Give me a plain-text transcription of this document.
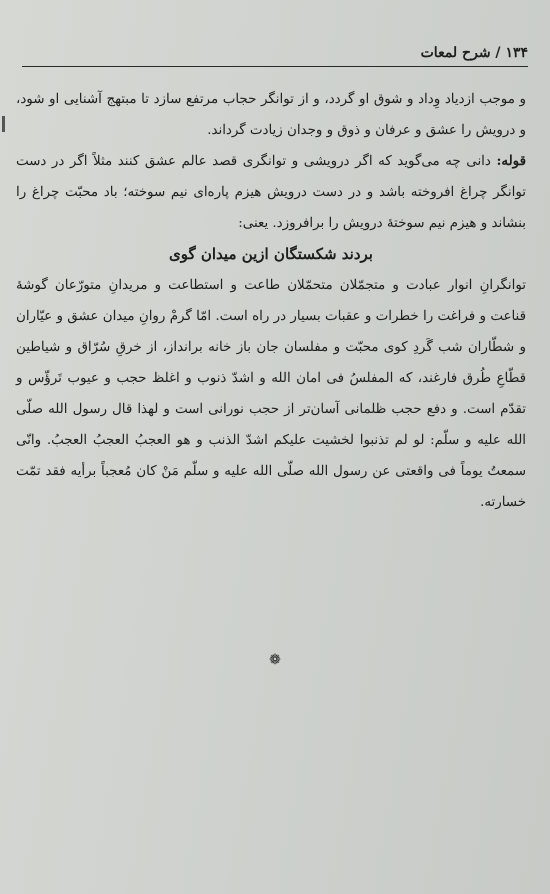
۱۳۴
/
شرح لمعات

و موجب ازدیاد وِداد و شوق او گردد، و از توانگر حجاب مرتفع سازد تا مبتهج آشنایی او شود، و درویش را عشق و عرفان و ذوق و وجدان زیادت گرداند.

قوله: دانی چه می‌گوید که اگر درویشی و توانگری قصد عالم عشق کنند مثلاً اگر در دست توانگر چراغ افروخته باشد و در دست درویش هیزم پاره‌ای نیم سوخته؛ باد محبّت چراغ را بنشاند و هیزم نیم سوختهٔ درویش را برافروزد. یعنی:

بردند شکستگان ازین میدان گوی

توانگرانِ انوار عبادت و متجمّلان متحمّلان طاعت و استطاعت و مریدانِ متورّعان گوشهٔ قناعت و فراغت را خطرات و عقبات بسیار در راه است. امّا گرمْ روانِ میدان عشق و عیّاران و شطّاران شب گَردِ کوی محبّت و مفلسان جان باز خانه برانداز، از خرقِ سُرّاق و شیاطین قطّاعِ طُرق فارغند، که المفلسُ فی امان الله و اشدّ ذنوب و اغلظ حجب و عیوب تَرؤّس و تقدّم است. و دفع حجب ظلمانی آسان‌تر از حجب نورانی است و لهذا قال رسول الله صلّی الله علیه و سلّم: لو لم تذنبوا لخشیت علیکم اشدّ الذنب و هو العجبُ العجبُ العجبُ. وانّی سمعتُ یوماً فی واقعتی عن رسول الله صلّی الله علیه و سلّم مَنْ کان مُعجباً برأیه فقد تمّت خسارته.

❁
